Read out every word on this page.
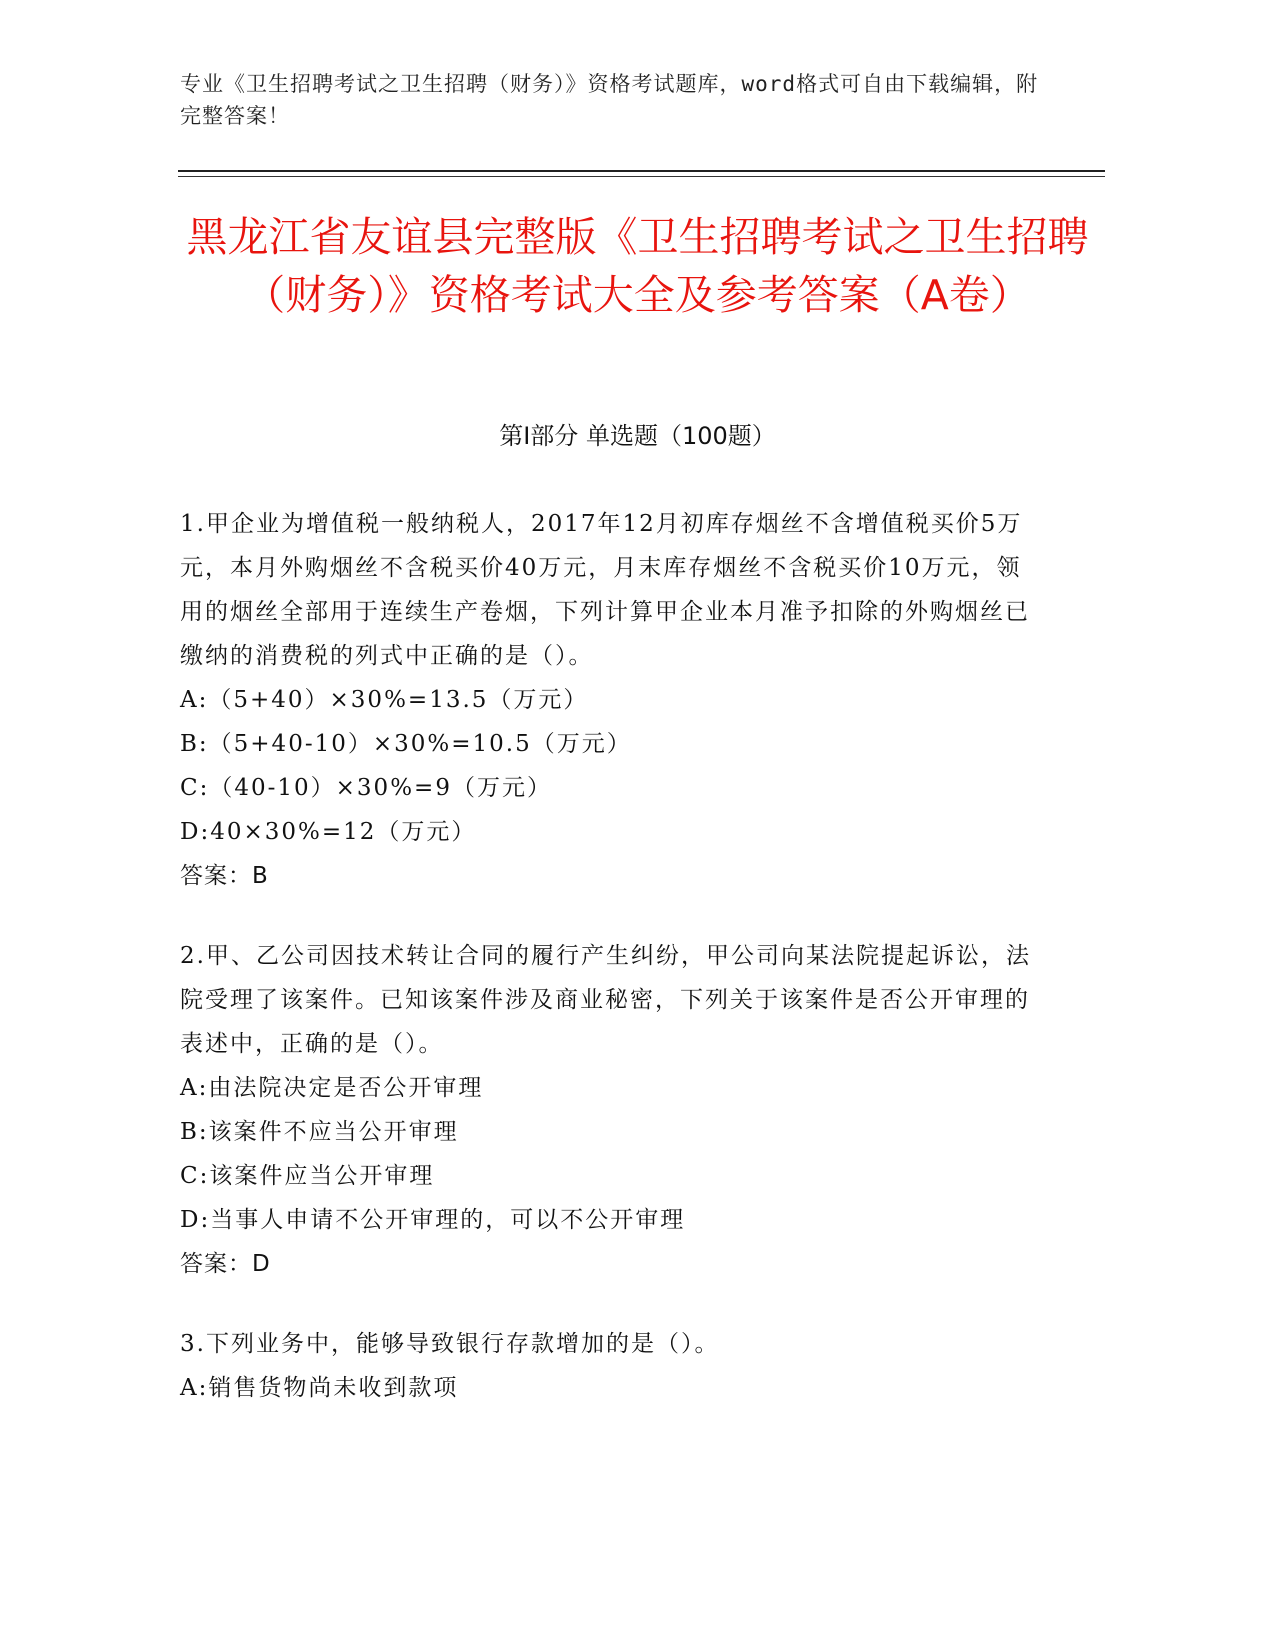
专业《卫生招聘考试之卫生招聘（财务）》资格考试题库，word格式可自由下载编辑，附完整答案！
黑龙江省友谊县完整版《卫生招聘考试之卫生招聘（财务）》资格考试大全及参考答案（A卷）
第I部分 单选题（100题）
1.甲企业为增值税一般纳税人，2017年12月初库存烟丝不含增值税买价5万元，本月外购烟丝不含税买价40万元，月末库存烟丝不含税买价10万元，领用的烟丝全部用于连续生产卷烟，下列计算甲企业本月准予扣除的外购烟丝已缴纳的消费税的列式中正确的是（）。
A:（5+40）×30%=13.5（万元）
B:（5+40-10）×30%=10.5（万元）
C:（40-10）×30%=9（万元）
D:40×30%=12（万元）
答案：B
2.甲、乙公司因技术转让合同的履行产生纠纷，甲公司向某法院提起诉讼，法院受理了该案件。已知该案件涉及商业秘密，下列关于该案件是否公开审理的表述中，正确的是（）。
A:由法院决定是否公开审理
B:该案件不应当公开审理
C:该案件应当公开审理
D:当事人申请不公开审理的，可以不公开审理
答案：D
3.下列业务中，能够导致银行存款增加的是（）。
A:销售货物尚未收到款项
